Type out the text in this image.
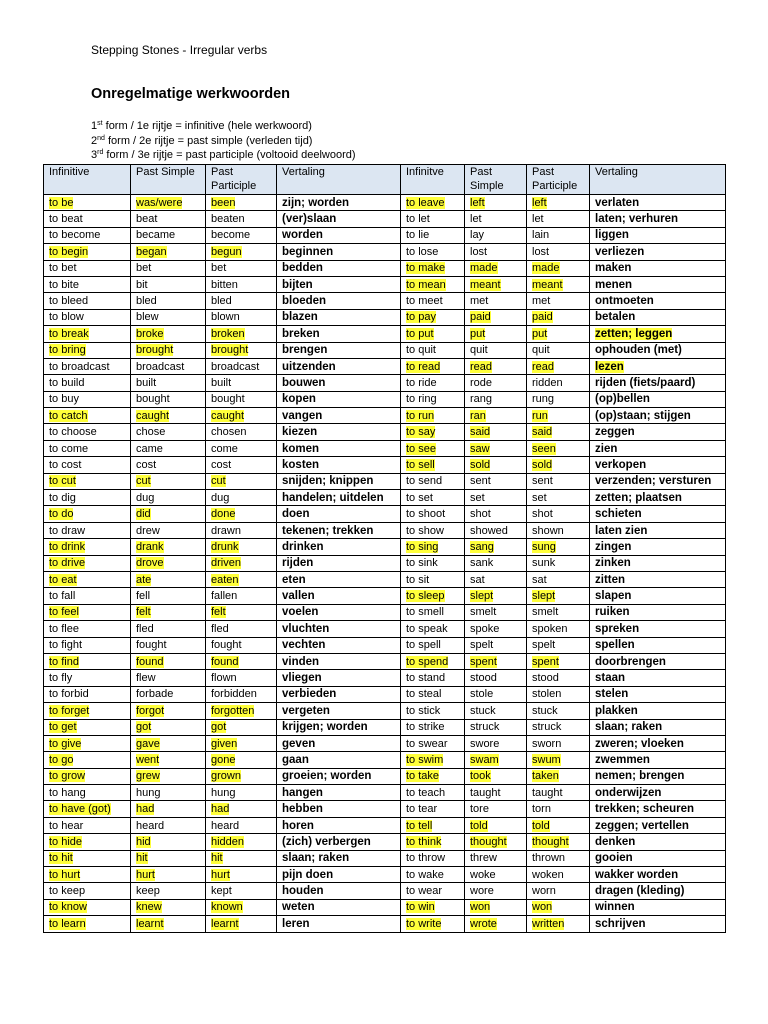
Stepping Stones - Irregular verbs
Onregelmatige werkwoorden
1st form / 1e rijtje = infinitive (hele werkwoord)
2nd form / 2e rijtje = past simple (verleden tijd)
3rd form / 3e rijtje = past participle (voltooid deelwoord)
Infinitive	Past Simple	Past Participle	Vertaling	Infinitve	Past Simple	Past Participle	Vertaling
to be	was/were	been	zijn; worden	to leave	left	left	verlaten
to beat	beat	beaten	(ver)slaan	to let	let	let	laten; verhuren
to become	became	become	worden	to lie	lay	lain	liggen
to begin	began	begun	beginnen	to lose	lost	lost	verliezen
to bet	bet	bet	bedden	to make	made	made	maken
to bite	bit	bitten	bijten	to mean	meant	meant	menen
to bleed	bled	bled	bloeden	to meet	met	met	ontmoeten
to blow	blew	blown	blazen	to pay	paid	paid	betalen
to break	broke	broken	breken	to put	put	put	zetten; leggen
to bring	brought	brought	brengen	to quit	quit	quit	ophouden (met)
to broadcast	broadcast	broadcast	uitzenden	to read	read	read	lezen
to build	built	built	bouwen	to ride	rode	ridden	rijden (fiets/paard)
to buy	bought	bought	kopen	to ring	rang	rung	(op)bellen
to catch	caught	caught	vangen	to run	ran	run	(op)staan; stijgen
to choose	chose	chosen	kiezen	to say	said	said	zeggen
to come	came	come	komen	to see	saw	seen	zien
to cost	cost	cost	kosten	to sell	sold	sold	verkopen
to cut	cut	cut	snijden; knippen	to send	sent	sent	verzenden; versturen
to dig	dug	dug	handelen; uitdelen	to set	set	set	zetten; plaatsen
to do	did	done	doen	to shoot	shot	shot	schieten
to draw	drew	drawn	tekenen; trekken	to show	showed	shown	laten zien
to drink	drank	drunk	drinken	to sing	sang	sung	zingen
to drive	drove	driven	rijden	to sink	sank	sunk	zinken
to eat	ate	eaten	eten	to sit	sat	sat	zitten
to fall	fell	fallen	vallen	to sleep	slept	slept	slapen
to feel	felt	felt	voelen	to smell	smelt	smelt	ruiken
to flee	fled	fled	vluchten	to speak	spoke	spoken	spreken
to fight	fought	fought	vechten	to spell	spelt	spelt	spellen
to find	found	found	vinden	to spend	spent	spent	doorbrengen
to fly	flew	flown	vliegen	to stand	stood	stood	staan
to forbid	forbade	forbidden	verbieden	to steal	stole	stolen	stelen
to forget	forgot	forgotten	vergeten	to stick	stuck	stuck	plakken
to get	got	got	krijgen; worden	to strike	struck	struck	slaan; raken
to give	gave	given	geven	to swear	swore	sworn	zweren; vloeken
to go	went	gone	gaan	to swim	swam	swum	zwemmen
to grow	grew	grown	groeien; worden	to take	took	taken	nemen; brengen
to hang	hung	hung	hangen	to teach	taught	taught	onderwijzen
to have (got)	had	had	hebben	to tear	tore	torn	trekken; scheuren
to hear	heard	heard	horen	to tell	told	told	zeggen; vertellen
to hide	hid	hidden	(zich) verbergen	to think	thought	thought	denken
to hit	hit	hit	slaan; raken	to throw	threw	thrown	gooien
to hurt	hurt	hurt	pijn doen	to wake	woke	woken	wakker worden
to keep	keep	kept	houden	to wear	wore	worn	dragen (kleding)
to know	knew	known	weten	to win	won	won	winnen
to learn	learnt	learnt	leren	to write	wrote	written	schrijven
